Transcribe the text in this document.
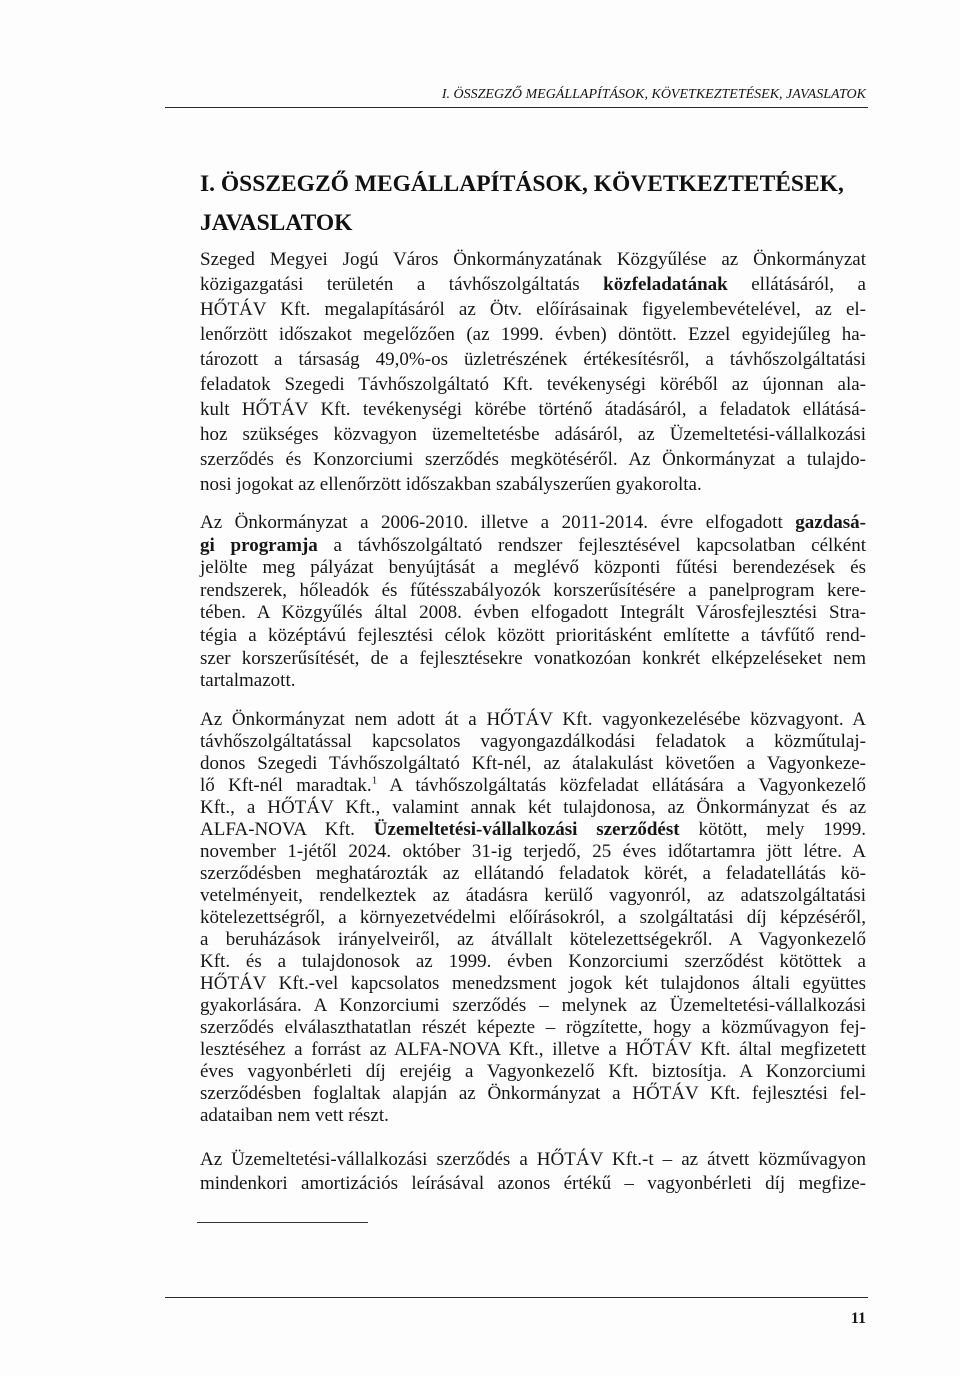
I. ÖSSZEGZŐ MEGÁLLAPÍTÁSOK, KÖVETKEZTETÉSEK, JAVASLATOK
I. ÖSSZEGZŐ MEGÁLLAPÍTÁSOK, KÖVETKEZTETÉSEK,
JAVASLATOK
Szeged Megyei Jogú Város Önkormányzatának Közgyűlése az Önkormányzat
közigazgatási területén a távhőszolgáltatás közfeladatának ellátásáról, a
HŐTÁV Kft. megalapításáról az Ötv. előírásainak figyelembevételével, az el-
lenőrzött időszakot megelőzően (az 1999. évben) döntött. Ezzel egyidejűleg ha-
tározott a társaság 49,0%-os üzletrészének értékesítésről, a távhőszolgáltatási
feladatok Szegedi Távhőszolgáltató Kft. tevékenységi köréből az újonnan ala-
kult HŐTÁV Kft. tevékenységi körébe történő átadásáról, a feladatok ellátásá-
hoz szükséges közvagyon üzemeltetésbe adásáról, az Üzemeltetési-vállalkozási
szerződés és Konzorciumi szerződés megkötéséről. Az Önkormányzat a tulajdo-
nosi jogokat az ellenőrzött időszakban szabályszerűen gyakorolta.
Az Önkormányzat a 2006-2010. illetve a 2011-2014. évre elfogadott gazdasá-
gi programja a távhőszolgáltató rendszer fejlesztésével kapcsolatban célként
jelölte meg pályázat benyújtását a meglévő központi fűtési berendezések és
rendszerek, hőleadók és fűtésszabályozók korszerűsítésére a panelprogram kere-
tében. A Közgyűlés által 2008. évben elfogadott Integrált Városfejlesztési Stra-
tégia a középtávú fejlesztési célok között prioritásként említette a távfűtő rend-
szer korszerűsítését, de a fejlesztésekre vonatkozóan konkrét elképzeléseket nem
tartalmazott.
Az Önkormányzat nem adott át a HŐTÁV Kft. vagyonkezelésébe közvagyont. A
távhőszolgáltatással kapcsolatos vagyongazdálkodási feladatok a közműtulaj-
donos Szegedi Távhőszolgáltató Kft-nél, az átalakulást követően a Vagyonkeze-
lő Kft-nél maradtak.$^1$ A távhőszolgáltatás közfeladat ellátására a Vagyonkezelő
Kft., a HŐTÁV Kft., valamint annak két tulajdonosa, az Önkormányzat és az
ALFA-NOVA Kft. Üzemeltetési-vállalkozási szerződést kötött, mely 1999.
november 1-jétől 2024. október 31-ig terjedő, 25 éves időtartamra jött létre. A
szerződésben meghatározták az ellátandó feladatok körét, a feladatellátás kö-
vetelményeit, rendelkeztek az átadásra kerülő vagyonról, az adatszolgáltatási
kötelezettségről, a környezetvédelmi előírásokról, a szolgáltatási díj képzéséről,
a beruházások irányelveiről, az átvállalt kötelezettségekről. A Vagyonkezelő
Kft. és a tulajdonosok az 1999. évben Konzorciumi szerződést kötöttek a
HŐTÁV Kft.-vel kapcsolatos menedzsment jogok két tulajdonos általi együttes
gyakorlására. A Konzorciumi szerződés – melynek az Üzemeltetési-vállalkozási
szerződés elválaszthatatlan részét képezte – rögzítette, hogy a közművagyon fej-
lesztéséhez a forrást az ALFA-NOVA Kft., illetve a HŐTÁV Kft. által megfizetett
éves vagyonbérleti díj erejéig a Vagyonkezelő Kft. biztosítja. A Konzorciumi
szerződésben foglaltak alapján az Önkormányzat a HŐTÁV Kft. fejlesztési fel-
adataiban nem vett részt.
Az Üzemeltetési-vállalkozási szerződés a HŐTÁV Kft.-t – az átvett közművagyon
mindenkori amortizációs leírásával azonos értékű – vagyonbérleti díj megfize-
11
